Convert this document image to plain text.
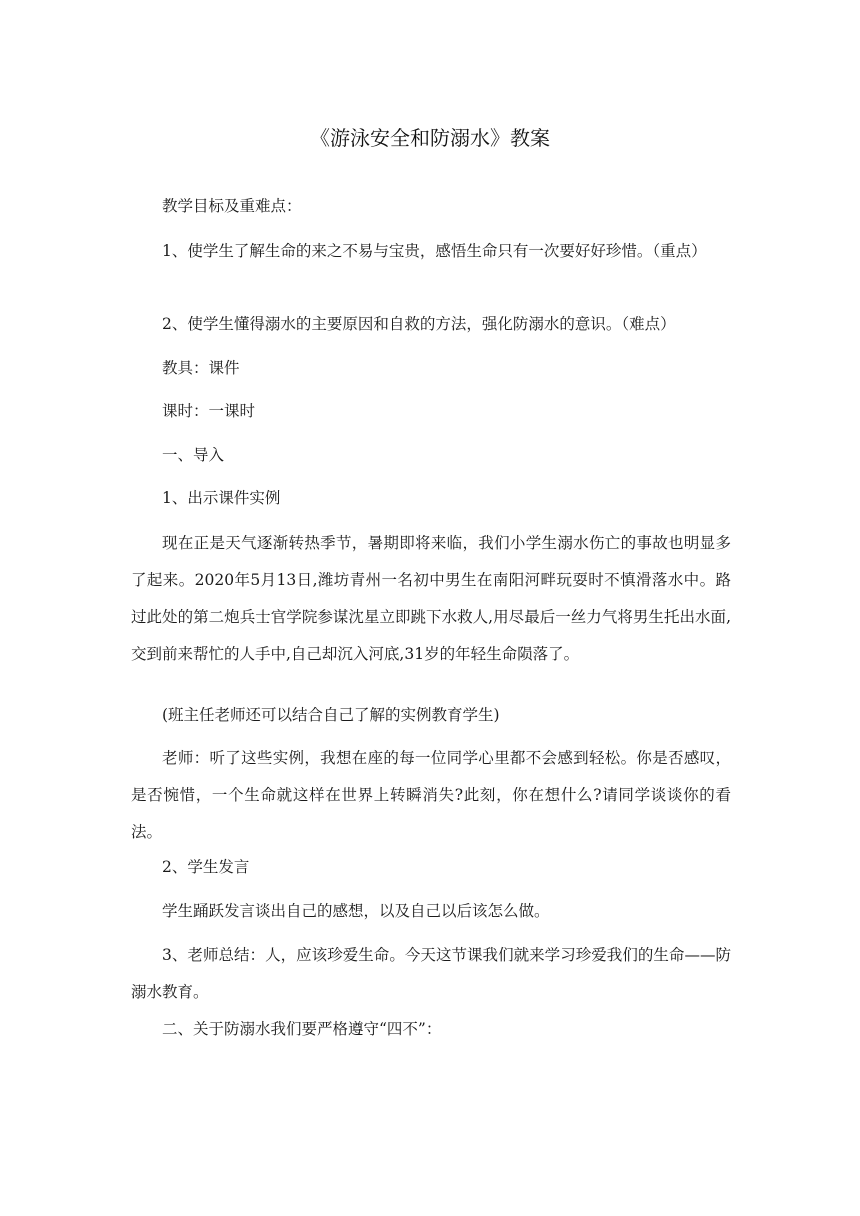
《游泳安全和防溺水》教案
教学目标及重难点：
1、使学生了解生命的来之不易与宝贵，感悟生命只有一次要好好珍惜。（重点）
2、使学生懂得溺水的主要原因和自救的方法，强化防溺水的意识。（难点）
教具：课件
课时：一课时
一、导入
1、出示课件实例
现在正是天气逐渐转热季节，暑期即将来临，我们小学生溺水伤亡的事故也明显多了起来。2020年5月13日,潍坊青州一名初中男生在南阳河畔玩耍时不慎滑落水中。路过此处的第二炮兵士官学院参谋沈星立即跳下水救人,用尽最后一丝力气将男生托出水面,交到前来帮忙的人手中,自己却沉入河底,31岁的年轻生命陨落了。
(班主任老师还可以结合自己了解的实例教育学生)
老师：听了这些实例，我想在座的每一位同学心里都不会感到轻松。你是否感叹，是否惋惜，一个生命就这样在世界上转瞬消失?此刻，你在想什么?请同学谈谈你的看法。
2、学生发言
学生踊跃发言谈出自己的感想，以及自己以后该怎么做。
3、老师总结：人，应该珍爱生命。今天这节课我们就来学习珍爱我们的生命——防溺水教育。
二、关于防溺水我们要严格遵守“四不”：
